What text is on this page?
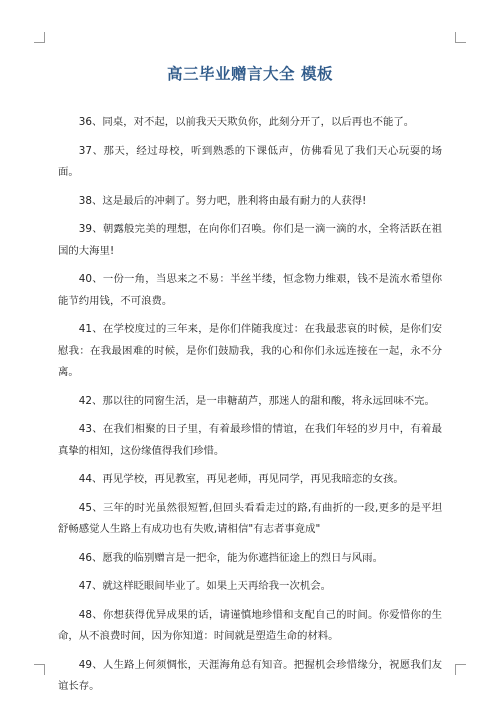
高三毕业赠言大全 模板

36、同桌，对不起，以前我天天欺负你，此刻分开了，以后再也不能了。

37、那天，经过母校，听到熟悉的下课低声，仿佛看见了我们天心玩耍的场面。

38、这是最后的冲刺了。努力吧，胜利将由最有耐力的人获得!

39、朝露般完美的理想，在向你们召唤。你们是一滴一滴的水，全将活跃在祖国的大海里!

40、一份一角，当思来之不易：半丝半缕，恒念物力维艰，钱不是流水希望你能节约用钱，不可浪费。

41、在学校度过的三年来，是你们伴随我度过：在我最悲哀的时候，是你们安慰我：在我最困难的时候，是你们鼓励我，我的心和你们永远连接在一起，永不分离。

42、那以往的同窗生活，是一串糖葫芦，那迷人的甜和酸，将永远回味不完。

43、在我们相聚的日子里，有着最珍惜的情谊，在我们年轻的岁月中，有着最真挚的相知，这份缘值得我们珍惜。

44、再见学校，再见教室，再见老师，再见同学，再见我暗恋的女孩。

45、三年的时光虽然很短暂,但回头看看走过的路,有曲折的一段,更多的是平坦舒畅感觉人生路上有成功也有失败,请相信"有志者事竟成"

46、愿我的临别赠言是一把伞，能为你遮挡征途上的烈日与风雨。

47、就这样眨眼间毕业了。如果上天再给我一次机会。

48、你想获得优异成果的话，请谨慎地珍惜和支配自己的时间。你爱惜你的生命，从不浪费时间，因为你知道：时间就是塑造生命的材料。

49、人生路上何须惆怅，天涯海角总有知音。把握机会珍惜缘分，祝愿我们友谊长存。
